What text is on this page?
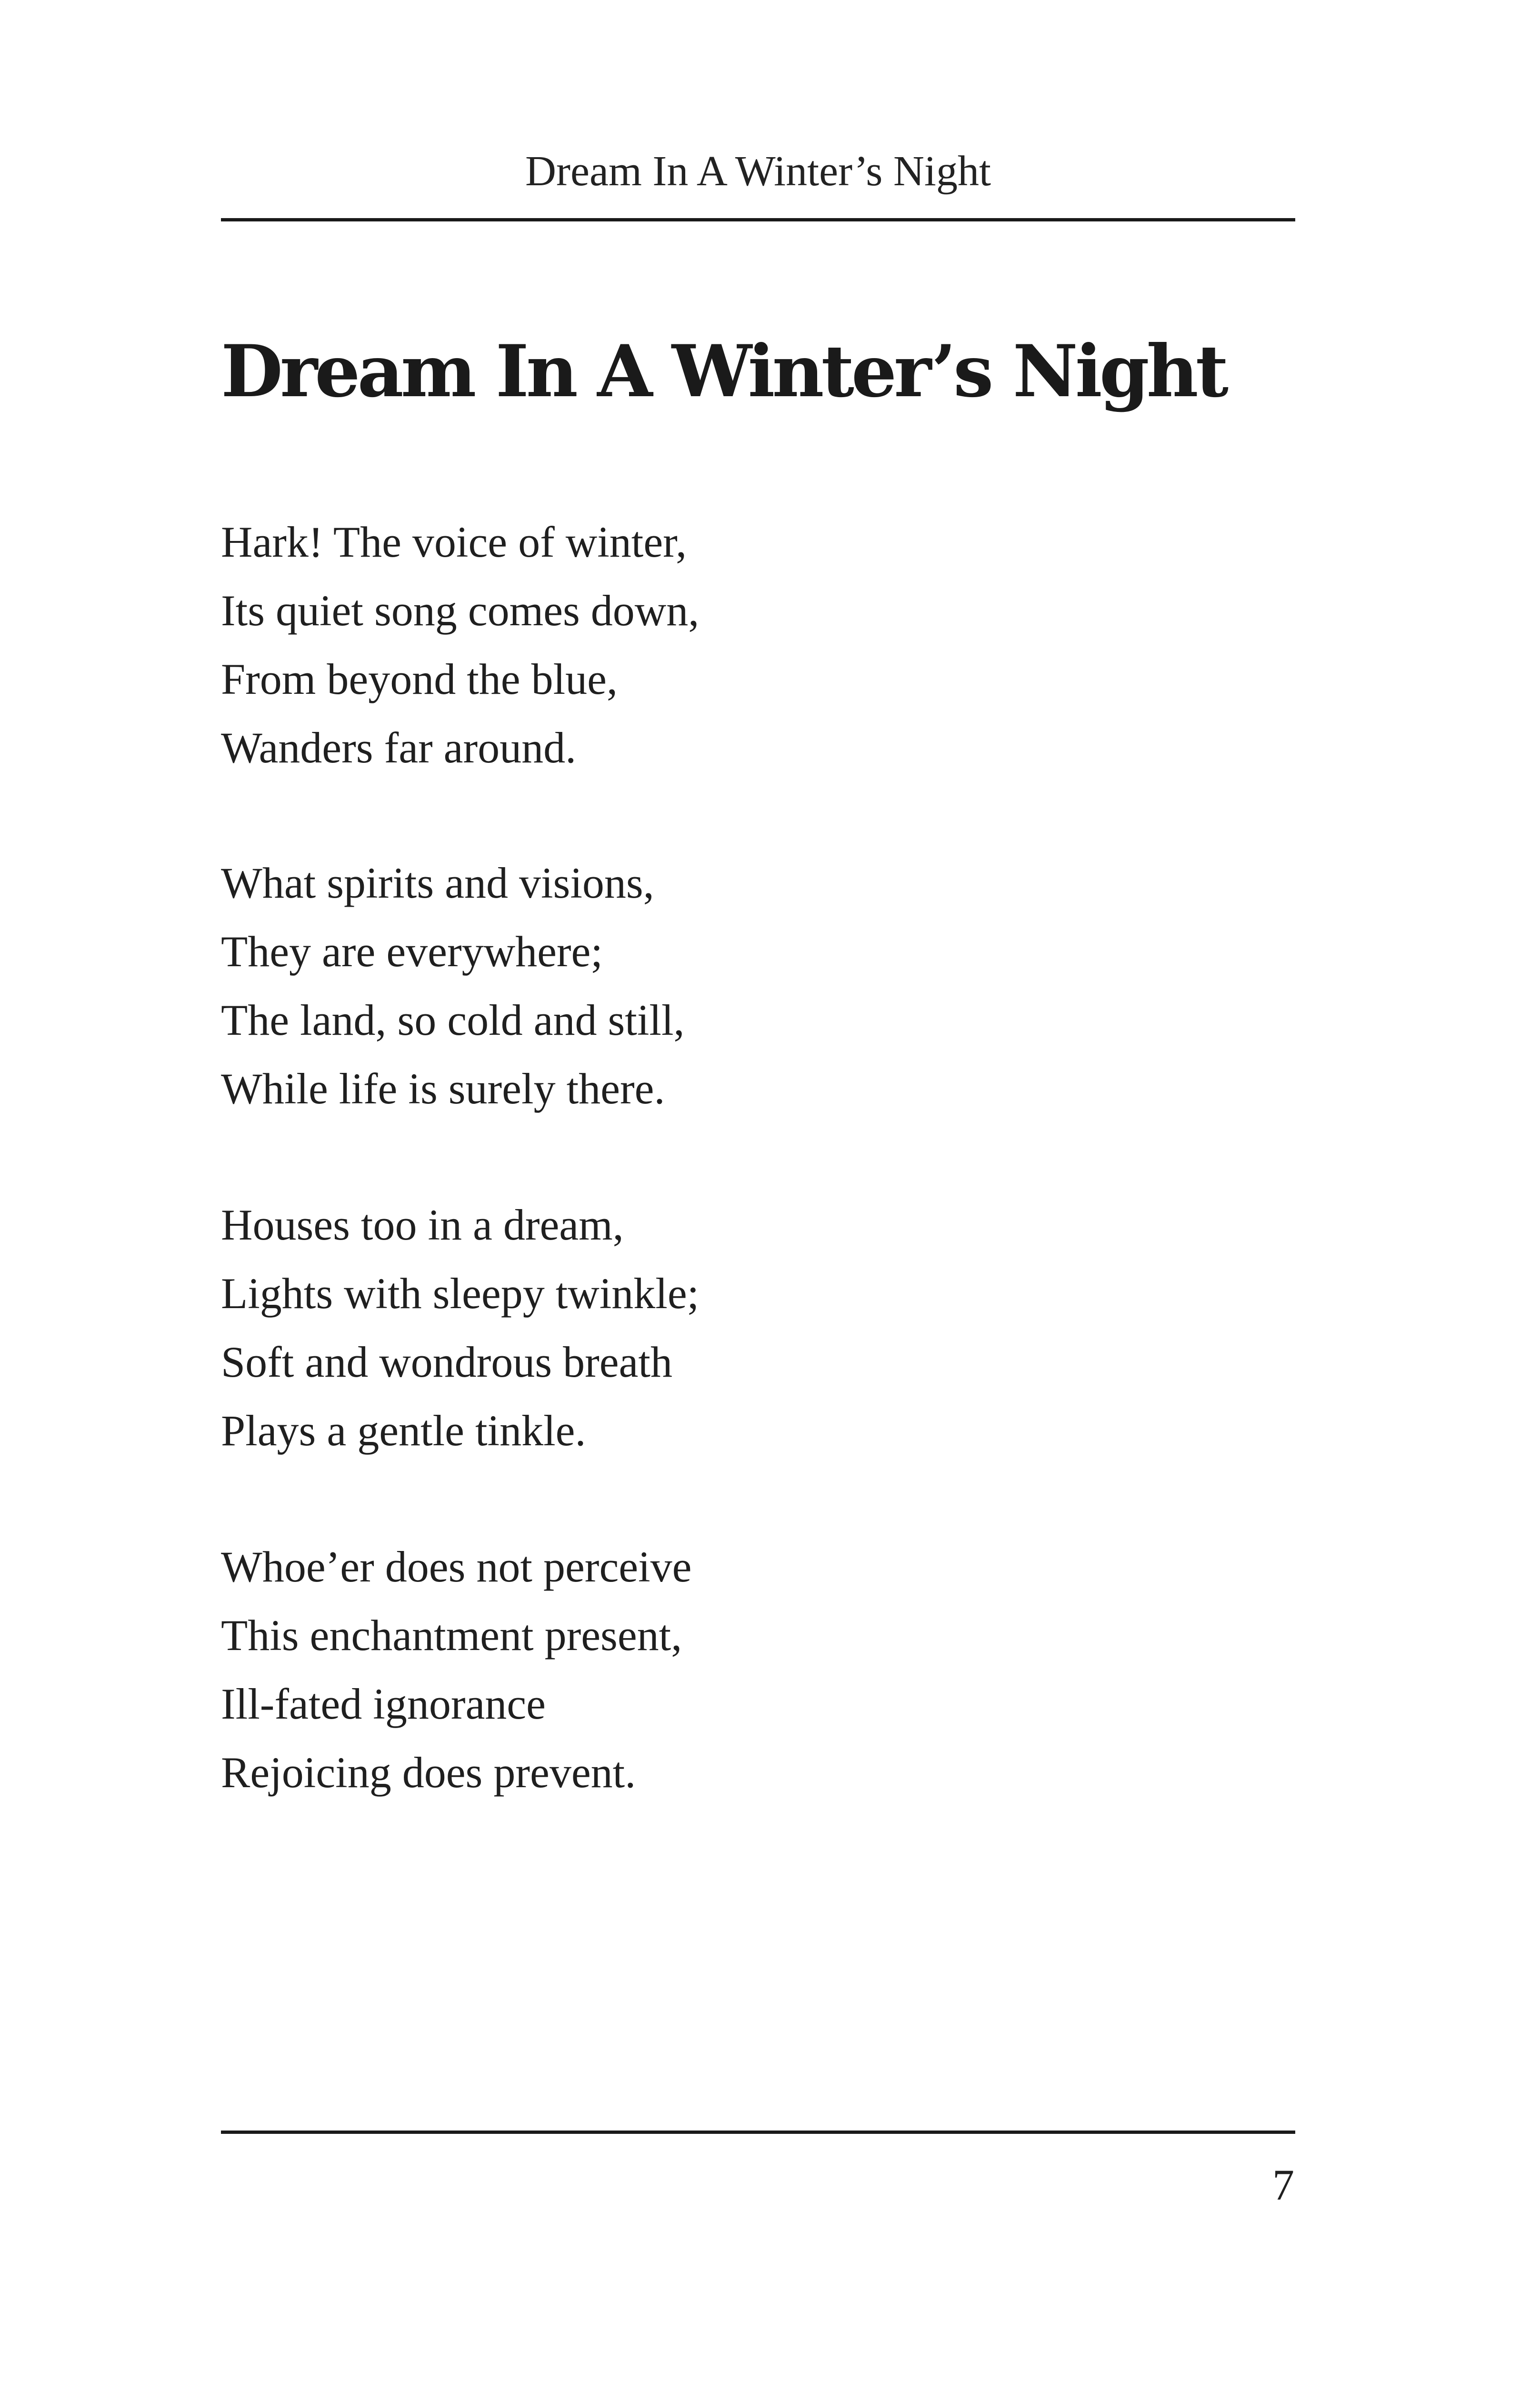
Dream In A Winter’s Night
Dream In A Winter’s Night
Hark! The voice of winter,
Its quiet song comes down,
From beyond the blue,
Wanders far around.
What spirits and visions,
They are everywhere;
The land, so cold and still,
While life is surely there.
Houses too in a dream,
Lights with sleepy twinkle;
Soft and wondrous breath
Plays a gentle tinkle.
Whoe’er does not perceive
This enchantment present,
Ill-fated ignorance
Rejoicing does prevent.
7
